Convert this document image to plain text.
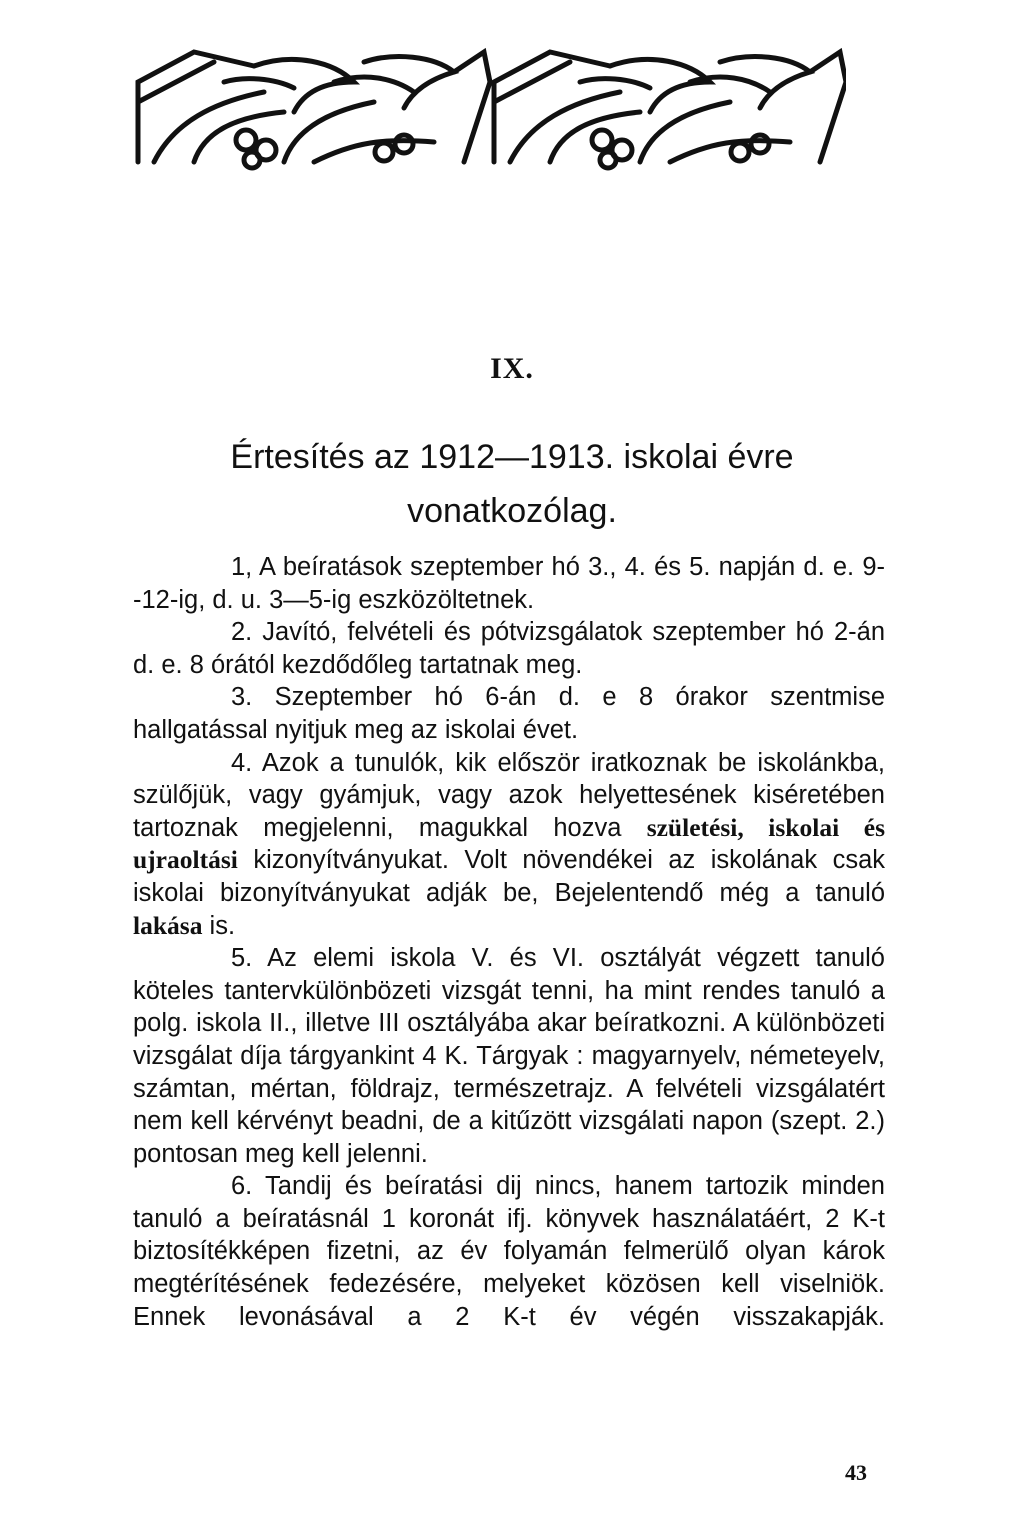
IX.
Értesítés az 1912—1913. iskolai évre
vonatkozólag.

1, A beíratások szeptember hó 3., 4. és 5. napján d. e. 9--12-ig, d. u. 3—5-ig eszközöltetnek.

2. Javító, felvételi és pótvizsgálatok szeptember hó 2-án d. e. 8 órától kezdődőleg tartatnak meg.

3. Szeptember hó 6-án d. e 8 órakor szentmise hallgatással nyitjuk meg az iskolai évet.

4. Azok a tunulók, kik először iratkoznak be iskolánkba, szülőjük, vagy gyámjuk, vagy azok helyettesének kiséretében tartoznak megjelenni, magukkal hozva születési, iskolai és ujraoltási kizonyítványukat. Volt növendékei az iskolának csak iskolai bizonyítványukat adják be, Bejelentendő még a tanuló lakása is.

5. Az elemi iskola V. és VI. osztályát végzett tanuló köteles tantervkülönbözeti vizsgát tenni, ha mint rendes tanuló a polg. iskola II., illetve III osztályába akar beíratkozni. A különbözeti vizsgálat díja tárgyankint 4 K. Tárgyak : magyarnyelv, németeyelv, számtan, mértan, földrajz, természetrajz. A felvételi vizsgálatért nem kell kérvényt beadni, de a kitűzött vizsgálati napon (szept. 2.) pontosan meg kell jelenni.

6. Tandij és beíratási dij nincs, hanem tartozik minden tanuló a beíratásnál 1 koronát ifj. könyvek használatáért, 2 K-t biztosítékképen fizetni, az év folyamán felmerülő olyan károk megtérítésének fedezésére, melyeket közösen kell viselniök. Ennek levonásával a 2 K-t év végén visszakapják.

43
